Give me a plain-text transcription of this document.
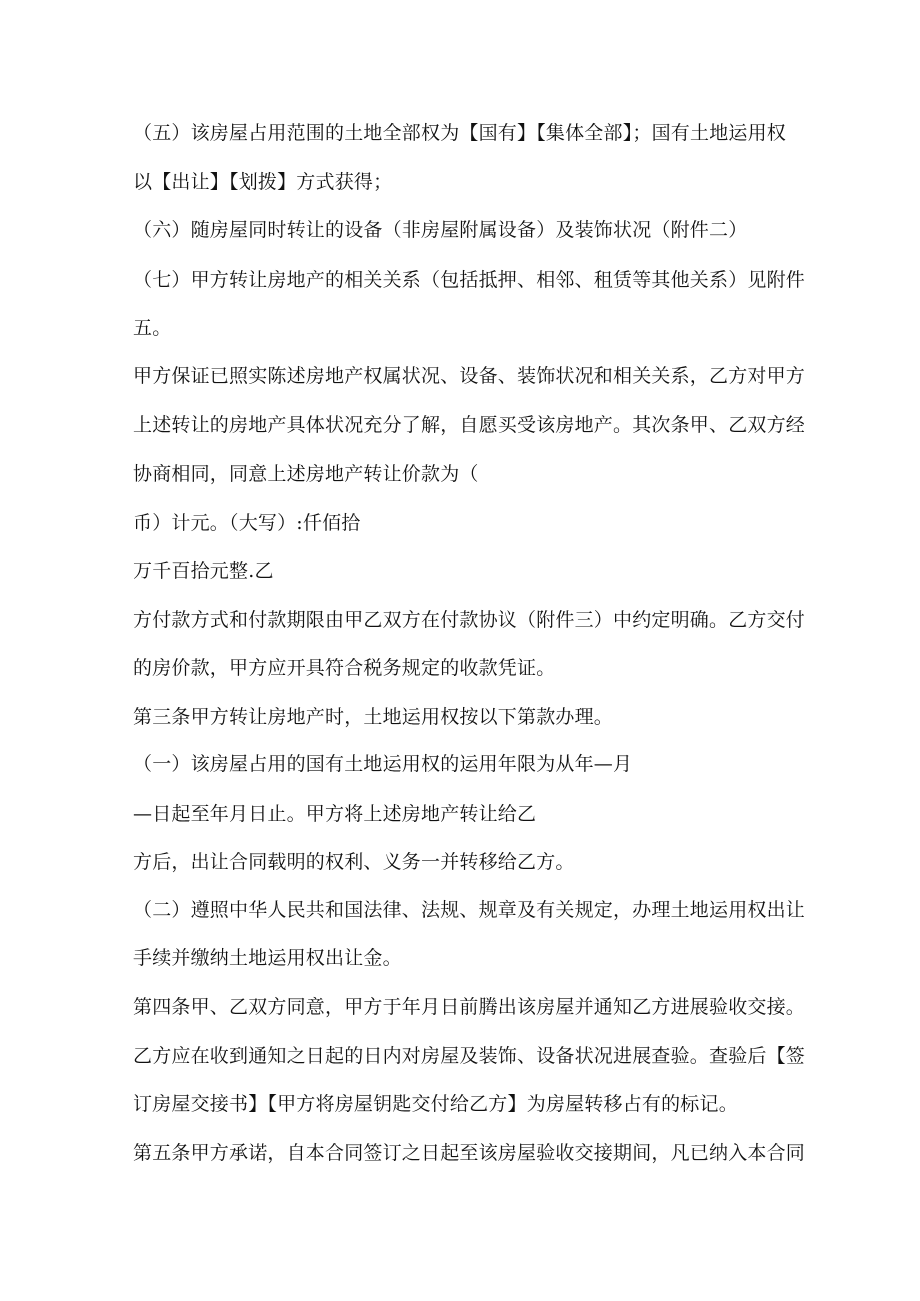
（五）该房屋占用范围的土地全部权为【国有】【集体全部】；国有土地运用权
以【出让】【划拨】方式获得；
（六）随房屋同时转让的设备（非房屋附属设备）及装饰状况（附件二）
（七）甲方转让房地产的相关关系（包括抵押、相邻、租赁等其他关系）见附件
五。
甲方保证已照实陈述房地产权属状况、设备、装饰状况和相关关系，乙方对甲方
上述转让的房地产具体状况充分了解，自愿买受该房地产。其次条甲、乙双方经
协商相同，同意上述房地产转让价款为（
币）计元。（大写）:仟佰拾
万千百拾元整.乙
方付款方式和付款期限由甲乙双方在付款协议（附件三）中约定明确。乙方交付
的房价款，甲方应开具符合税务规定的收款凭证。
第三条甲方转让房地产时，土地运用权按以下第款办理。
（一）该房屋占用的国有土地运用权的运用年限为从年—月
—日起至年月日止。甲方将上述房地产转让给乙
方后，出让合同载明的权利、义务一并转移给乙方。
（二）遵照中华人民共和国法律、法规、规章及有关规定，办理土地运用权出让
手续并缴纳土地运用权出让金。
第四条甲、乙双方同意，甲方于年月日前腾出该房屋并通知乙方进展验收交接。
乙方应在收到通知之日起的日内对房屋及装饰、设备状况进展查验。查验后【签
订房屋交接书】【甲方将房屋钥匙交付给乙方】为房屋转移占有的标记。
第五条甲方承诺，自本合同签订之日起至该房屋验收交接期间，凡已纳入本合同
